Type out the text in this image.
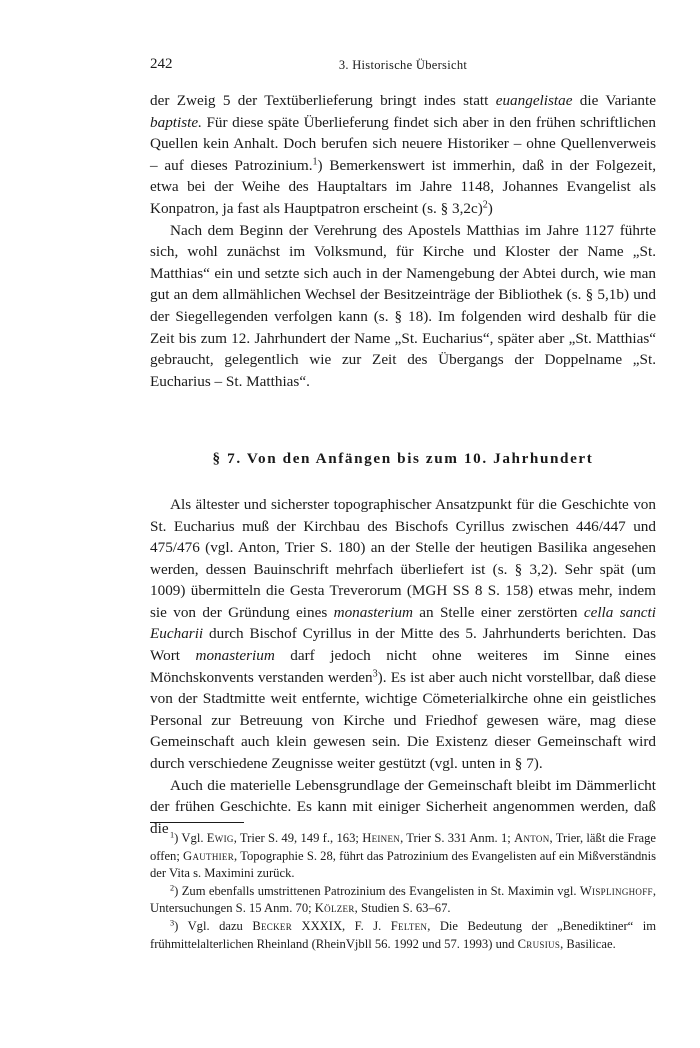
242	3. Historische Übersicht

der Zweig 5 der Textüberlieferung bringt indes statt euangelistae die Variante baptiste. Für diese späte Überlieferung findet sich aber in den frühen schriftlichen Quellen kein Anhalt. Doch berufen sich neuere Historiker – ohne Quellenverweis – auf dieses Patrozinium.$^1$) Bemerkenswert ist immerhin, daß in der Folgezeit, etwa bei der Weihe des Hauptaltars im Jahre 1148, Johannes Evangelist als Konpatron, ja fast als Hauptpatron erscheint (s. § 3,2c)$^2$)

Nach dem Beginn der Verehrung des Apostels Matthias im Jahre 1127 führte sich, wohl zunächst im Volksmund, für Kirche und Kloster der Name „St. Matthias“ ein und setzte sich auch in der Namengebung der Abtei durch, wie man gut an dem allmählichen Wechsel der Besitzeinträge der Bibliothek (s. § 5,1b) und der Siegellegenden verfolgen kann (s. § 18). Im folgenden wird deshalb für die Zeit bis zum 12. Jahrhundert der Name „St. Eucharius“, später aber „St. Matthias“ gebraucht, gelegentlich wie zur Zeit des Übergangs der Doppelname „St. Eucharius – St. Matthias“.

§ 7. Von den Anfängen bis zum 10. Jahrhundert

Als ältester und sicherster topographischer Ansatzpunkt für die Geschichte von St. Eucharius muß der Kirchbau des Bischofs Cyrillus zwischen 446/447 und 475/476 (vgl. Anton, Trier S. 180) an der Stelle der heutigen Basilika angesehen werden, dessen Bauinschrift mehrfach überliefert ist (s. § 3,2). Sehr spät (um 1009) übermitteln die Gesta Treverorum (MGH SS 8 S. 158) etwas mehr, indem sie von der Gründung eines monasterium an Stelle einer zerstörten cella sancti Eucharii durch Bischof Cyrillus in der Mitte des 5. Jahrhunderts berichten. Das Wort monasterium darf jedoch nicht ohne weiteres im Sinne eines Mönchskonvents verstanden werden$^3$). Es ist aber auch nicht vorstellbar, daß diese von der Stadtmitte weit entfernte, wichtige Cömeterialkirche ohne ein geistliches Personal zur Betreuung von Kirche und Friedhof gewesen wäre, mag diese Gemeinschaft auch klein gewesen sein. Die Existenz dieser Gemeinschaft wird durch verschiedene Zeugnisse weiter gestützt (vgl. unten in § 7).

Auch die materielle Lebensgrundlage der Gemeinschaft bleibt im Dämmerlicht der frühen Geschichte. Es kann mit einiger Sicherheit angenommen werden, daß die $^1$) Vgl. Ewig, Trier S. 49, 149 f., 163; Heinen, Trier S. 331 Anm. 1; Anton, Trier, läßt die Frage offen; Gauthier, Topographie S. 28, führt das Patrozinium des Evangelisten auf ein Mißverständnis der Vita s. Maximini zurück.

$^2$) Zum ebenfalls umstrittenen Patrozinium des Evangelisten in St. Maximin vgl. Wisplinghoff, Untersuchungen S. 15 Anm. 70; Kölzer, Studien S. 63–67.

$^3$) Vgl. dazu Becker XXXIX, F. J. Felten, Die Bedeutung der „Benediktiner“ im frühmittelalterlichen Rheinland (RheinVjbll 56. 1992 und 57. 1993) und Crusius, Basilicae.
